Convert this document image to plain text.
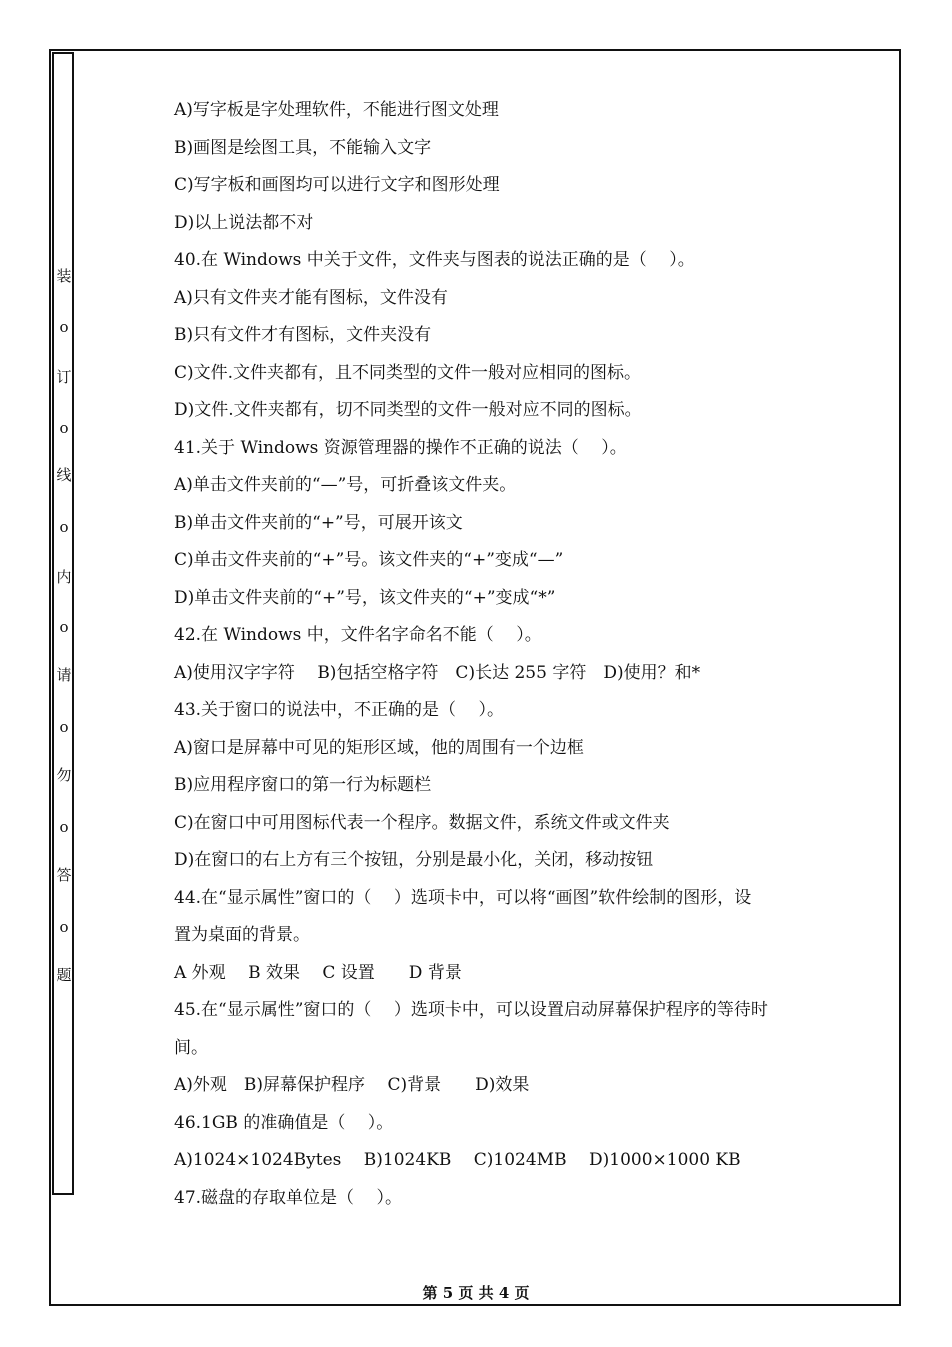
装
o
订
o
线
o
内
o
请
o
勿
o
答
o
题
A)写字板是字处理软件，不能进行图文处理
B)画图是绘图工具，不能输入文字
C)写字板和画图均可以进行文字和图形处理
D)以上说法都不对
40.在 Windows 中关于文件，文件夹与图表的说法正确的是（　 ）。
A)只有文件夹才能有图标，文件没有
B)只有文件才有图标，文件夹没有
C)文件.文件夹都有，且不同类型的文件一般对应相同的图标。
D)文件.文件夹都有，切不同类型的文件一般对应不同的图标。
41.关于 Windows 资源管理器的操作不正确的说法（　 ）。
A)单击文件夹前的“—”号，可折叠该文件夹。
B)单击文件夹前的“+”号，可展开该文
C)单击文件夹前的“+”号。该文件夹的“+”变成“—”
D)单击文件夹前的“+”号，该文件夹的“+”变成“*”
42.在 Windows 中，文件名字命名不能（　 ）。
A)使用汉字字符　 B)包括空格字符　C)长达 255 字符　D)使用？和*
43.关于窗口的说法中，不正确的是（　 ）。
A)窗口是屏幕中可见的矩形区域，他的周围有一个边框
B)应用程序窗口的第一行为标题栏
C)在窗口中可用图标代表一个程序。数据文件，系统文件或文件夹
D)在窗口的右上方有三个按钮，分别是最小化，关闭，移动按钮
44.在“显示属性”窗口的（　 ）选项卡中，可以将“画图”软件绘制的图形，设
置为桌面的背景。
A 外观　 B 效果　 C 设置　　D 背景
45.在“显示属性”窗口的（　 ）选项卡中，可以设置启动屏幕保护程序的等待时
间。
A)外观　B)屏幕保护程序　 C)背景　　D)效果
46.1GB 的准确值是（　 ）。
A)1024×1024Bytes　 B)1024KB　 C)1024MB　 D)1000×1000 KB
47.磁盘的存取单位是（　 ）。
第 5 页 共 4 页
